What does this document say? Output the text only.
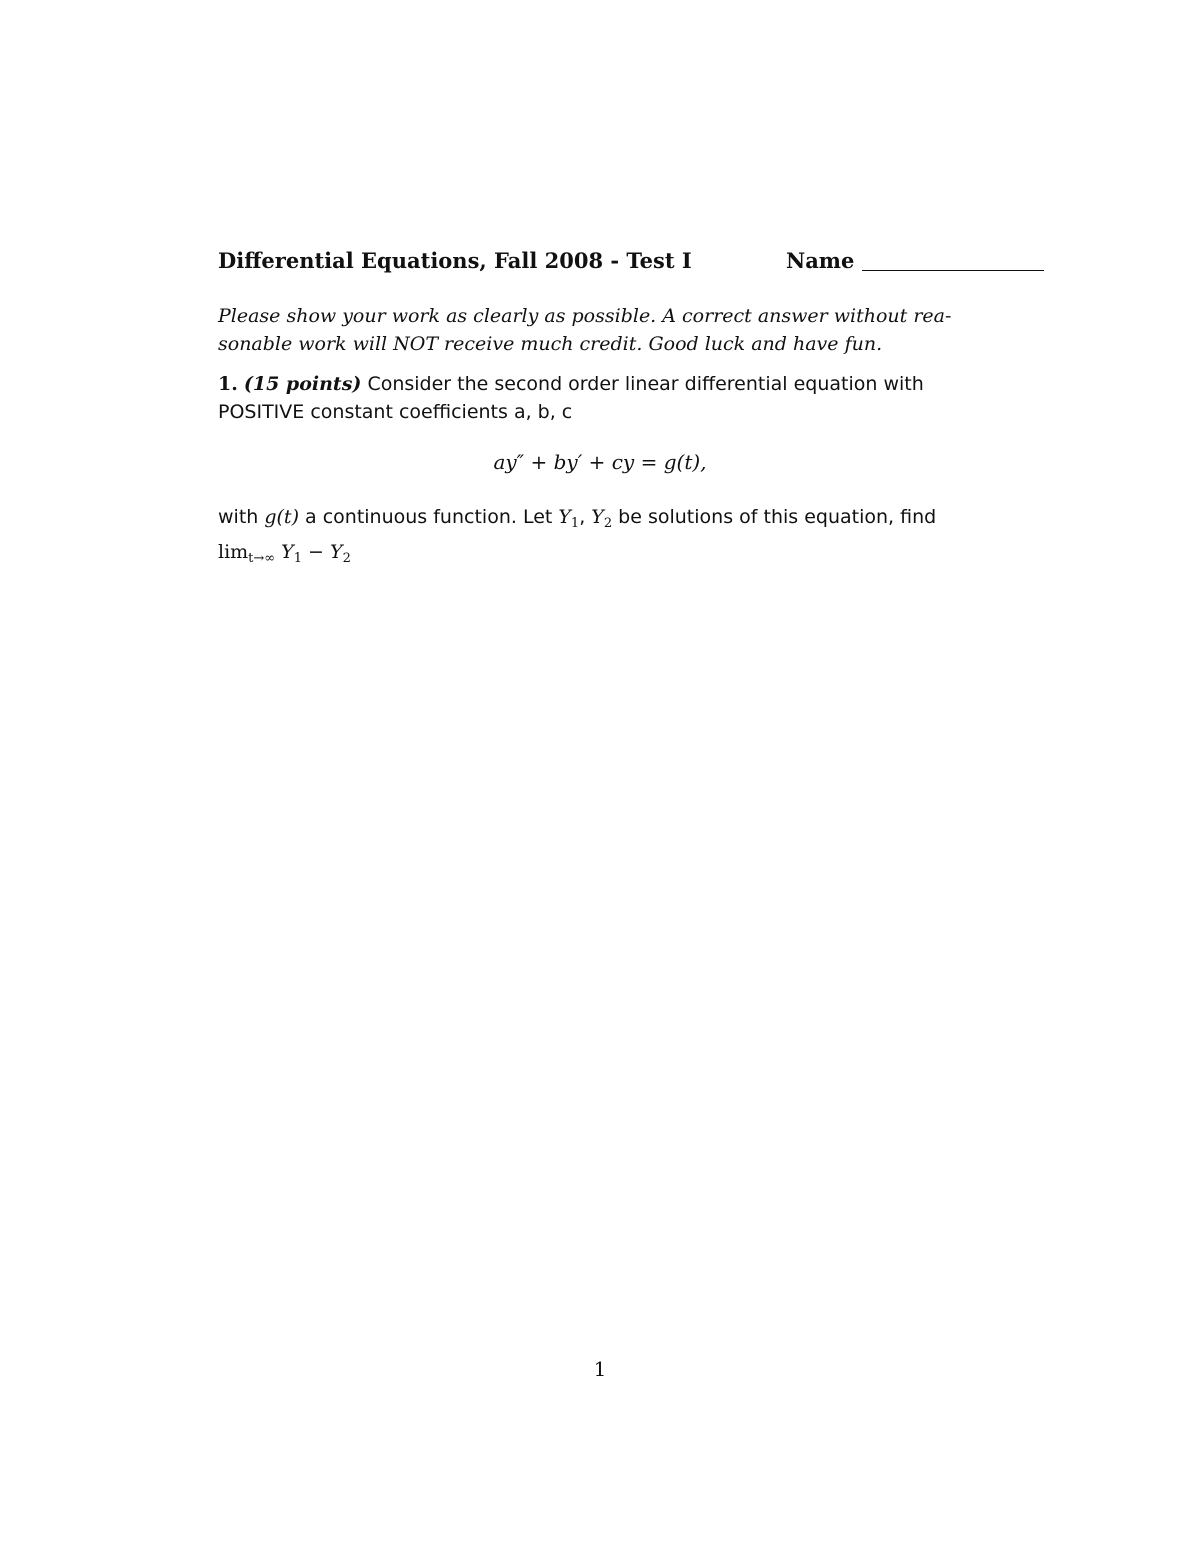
Differential Equations, Fall 2008 - Test I	Name
Please show your work as clearly as possible. A correct answer without rea-
sonable work will NOT receive much credit. Good luck and have fun.
1. (15 points) Consider the second order linear differential equation with
POSITIVE constant coefficients a, b, c
ay″ + by′ + cy = g(t),
with g(t) a continuous function. Let $Y_1$, $Y_2$ be solutions of this equation, find
$\lim_{t\to\infty} Y_1 - Y_2$
1
